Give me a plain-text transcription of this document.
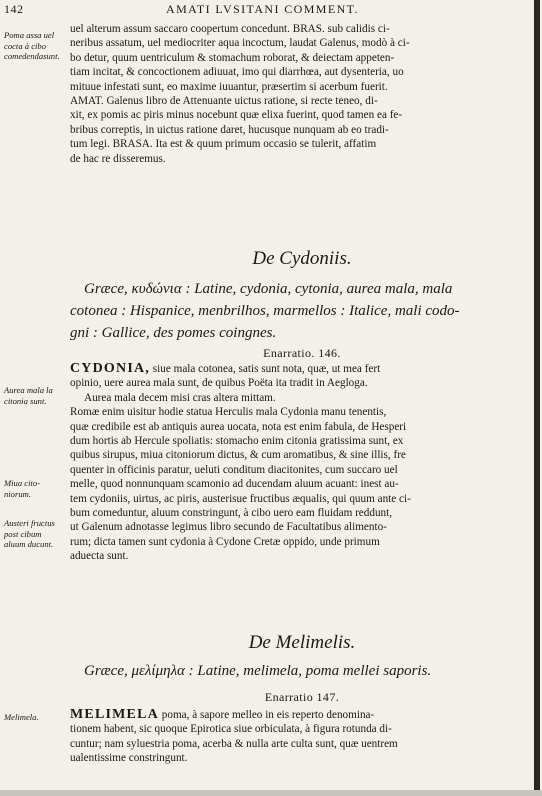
142	AMATI LVSITANI COMMENT.
Poma assa uel cocta à cibo comedendasunt.
Aurea mala la citonia sunt.
Miua citoniorum.
Austeri fructus post cibum aluum ducunt.
Melimela.
uel alterum assum saccaro coopertum concedunt. BRAS. sub calidis ci-
neribus assatum, uel mediocriter aqua incoctum, laudat Galenus, modò à ci-
bo detur, quum uentriculum & stomachum roborat, & deiectam appeten-
tiam incitat, & concoctionem adiuuat, imo qui diarrhœa, aut dysenteria, uo
mituue infestati sunt, eo maxime iuuantur, præsertim si acerbum fuerit.
AMAT. Galenus libro de Attenuante uictus ratione, si recte teneo, di-
xit, ex pomis ac piris minus nocebunt quæ elixa fuerint, quod tamen ea fe-
bribus correptis, in uictus ratione daret, hucusque nunquam ab eo tradi-
tum legi. BRASA. Ita est & quum primum occasio se tulerit, affatim
de hac re disseremus.
De Cydoniis.
Græce, κυδώνια : Latine, cydonia, cytonia, aurea mala, mala
cotonea : Hispanice, menbrilhos, marmellos : Italice, mali codo-
gni : Gallice, des pomes coingnes.
Enarratio. 146.
CYDONIA, siue mala cotonea, satis sunt nota, quæ, ut mea fert
opinio, uere aurea mala sunt, de quibus Poëta ita tradit in Aegloga.
Aurea mala decem misi cras altera mittam.
Romæ enim uisitur hodie statua Herculis mala Cydonia manu tenentis,
quæ credibile est ab antiquis aurea uocata, nota est enim fabula, de Hesperi
dum hortis ab Hercule spoliatis: stomacho enim citonia gratissima sunt, ex
quibus sirupus, miua citoniorum dictus, & cum aromatibus, & sine illis, fre
quenter in officinis paratur, ueluti conditum diacitonites, cum succaro uel
melle, quod nonnunquam scamonio ad ducendam aluum acuant: inest au-
tem cydoniis, uirtus, ac piris, austerisue fructibus æqualis, qui quum ante ci-
bum comeduntur, aluum constringunt, à cibo uero eam fluidam reddunt,
ut Galenum adnotasse legimus libro secundo de Facultatibus alimento-
rum; dicta tamen sunt cydonia à Cydone Cretæ oppido, unde primum
aduecta sunt.
De Melimelis.
Græce, μελίμηλα : Latine, melimela, poma mellei saporis.
Enarratio 147.
MELIMELA poma, à sapore melleo in eis reperto denomina-
tionem habent, sic quoque Epirotica siue orbiculata, à figura rotunda di-
cuntur; nam syluestria poma, acerba & nulla arte culta sunt, quæ uentrem
ualentissime constringunt.
